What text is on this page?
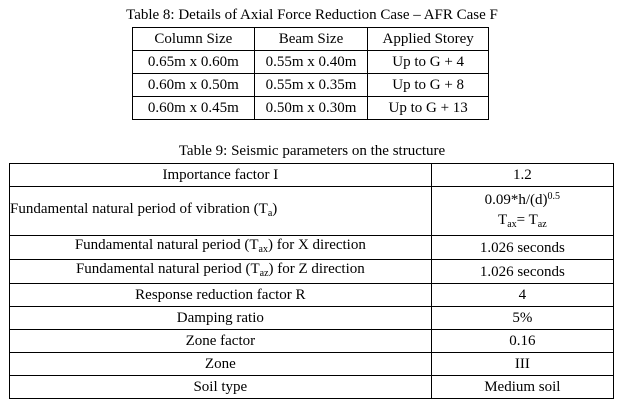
Table 8: Details of Axial Force Reduction Case – AFR Case F
Column Size	Beam Size	Applied Storey
0.65m x 0.60m	0.55m x 0.40m	Up to G + 4
0.60m x 0.50m	0.55m x 0.35m	Up to G + 8
0.60m x 0.45m	0.50m x 0.30m	Up to G + 13
Table 9: Seismic parameters on the structure
Importance factor I	1.2
Fundamental natural period of vibration $(T_a)$	$0.09*h/(d)^{0.5}$
$T_{ax}= T_{az}$

Fundamental natural period $(T_{ax})$ for X direction	1.026 seconds
Fundamental natural period $(T_{az})$ for Z direction	1.026 seconds
Response reduction factor R	4
Damping ratio	5%
Zone factor	0.16
Zone	III
Soil type	Medium soil
